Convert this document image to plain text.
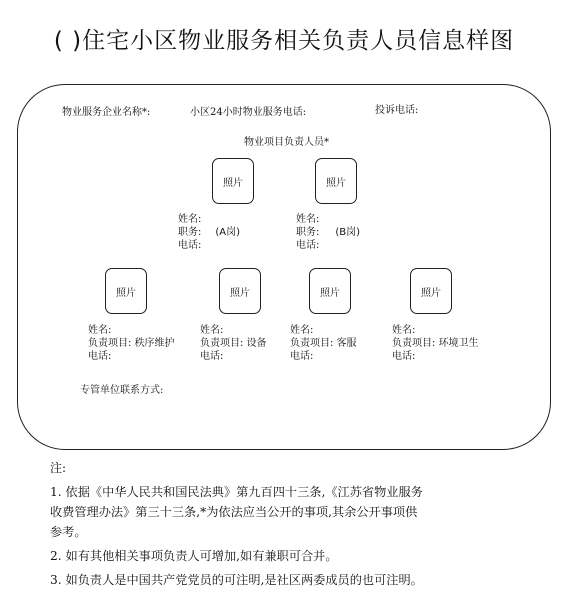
( )住宅小区物业服务相关负责人员信息样图
物业服务企业名称*:	小区24小时物业服务电话:	投诉电话:
物业项目负责人员*
照片	照片
姓名:
职务: (A岗)
电话:
姓名:
职务: (B岗)
电话:
照片	照片	照片	照片
姓名:
负责项目: 秩序维护
电话:
姓名:
负责项目: 设备
电话:
姓名:
负责项目: 客服
电话:
姓名:
负责项目: 环境卫生
电话:
专管单位联系方式:
注:
1. 依据《中华人民共和国民法典》第九百四十三条,《江苏省物业服务
收费管理办法》第三十三条,*为依法应当公开的事项,其余公开事项供
参考。
2. 如有其他相关事项负责人可增加,如有兼职可合并。
3. 如负责人是中国共产党党员的可注明,是社区两委成员的也可注明。
